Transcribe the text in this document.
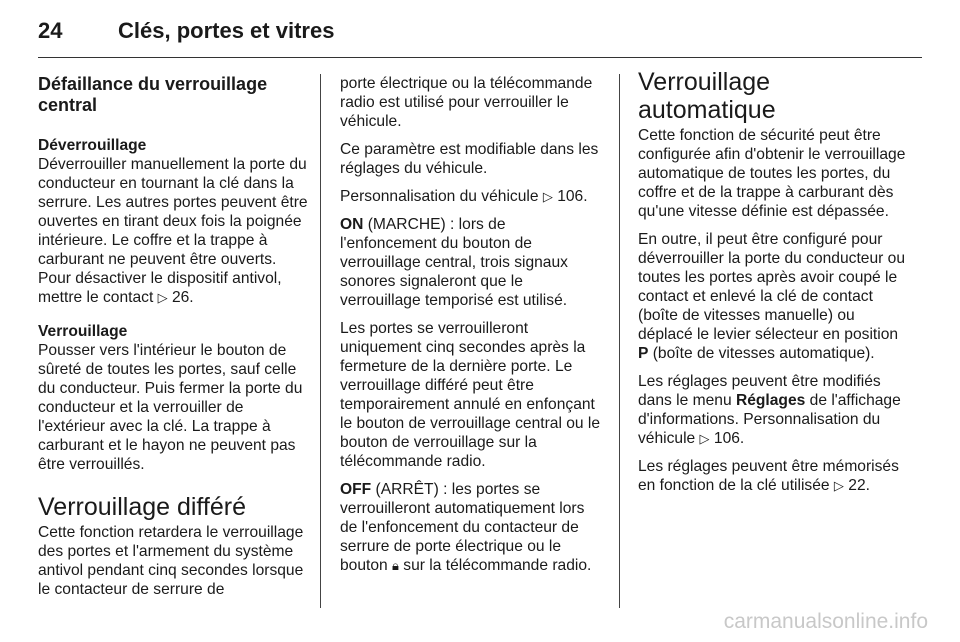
24	Clés, portes et vitres
Défaillance du verrouillage central
Déverrouillage

Déverrouiller manuellement la porte du conducteur en tournant la clé dans la serrure. Les autres portes peuvent être ouvertes en tirant deux fois la poignée intérieure. Le coffre et la trappe à carburant ne peuvent être ouverts. Pour désactiver le dispositif antivol, mettre le contact ▷ 26.

Verrouillage

Pousser vers l'intérieur le bouton de sûreté de toutes les portes, sauf celle du conducteur. Puis fermer la porte du conducteur et la verrouiller de l'extérieur avec la clé. La trappe à carburant et le hayon ne peuvent pas être verrouillés.

Verrouillage différé

Cette fonction retardera le verrouillage des portes et l'armement du système antivol pendant cinq secondes lorsque le contacteur de serrure de

porte électrique ou la télécommande radio est utilisé pour verrouiller le véhicule.

Ce paramètre est modifiable dans les réglages du véhicule.

Personnalisation du véhicule ▷ 106.

ON (MARCHE) : lors de l'enfoncement du bouton de verrouillage central, trois signaux sonores signaleront que le verrouillage temporisé est utilisé.

Les portes se verrouilleront uniquement cinq secondes après la fermeture de la dernière porte. Le verrouillage différé peut être temporairement annulé en enfonçant le bouton de verrouillage central ou le bouton de verrouillage sur la télécommande radio.

OFF (ARRÊT) : les portes se verrouilleront automatiquement lors de l'enfoncement du contacteur de serrure de porte électrique ou le bouton 🔒︎ sur la télécommande radio.

Verrouillage automatique

Cette fonction de sécurité peut être configurée afin d'obtenir le verrouillage automatique de toutes les portes, du coffre et de la trappe à carburant dès qu'une vitesse définie est dépassée.

En outre, il peut être configuré pour déverrouiller la porte du conducteur ou toutes les portes après avoir coupé le contact et enlevé la clé de contact (boîte de vitesses manuelle) ou déplacé le levier sélecteur en position P (boîte de vitesses automatique).

Les réglages peuvent être modifiés dans le menu Réglages de l'affichage d'informations. Personnalisation du véhicule ▷ 106.

Les réglages peuvent être mémorisés en fonction de la clé utilisée ▷ 22.

carmanualsonline.info
